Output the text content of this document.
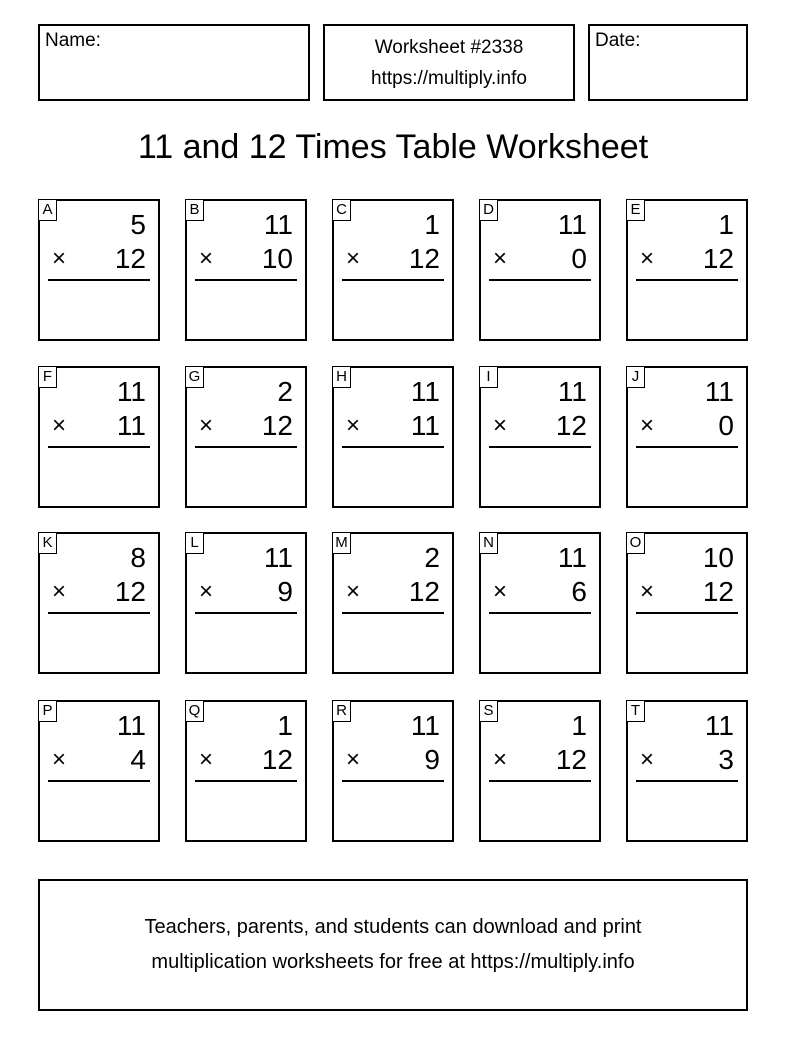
Name:	Worksheet #2338
https://multiply.info
Date:
11 and 12 Times Table Worksheet
A	5
× 12
B 11
× 10
C	1
× 12
D 11
× 0
E	1
× 12
F 11
× 11
G	2
× 12
H 11
× 11
I 11
× 12
J 11
× 0
K	8
× 12
L 11
× 9
M	2
× 12
N 11
× 6
O 10
× 12
P 11
× 4
Q	1
× 12
R 11
× 9
S	1
× 12
T 11
× 3
Teachers, parents, and students can download and print
multiplication worksheets for free at https://multiply.info
